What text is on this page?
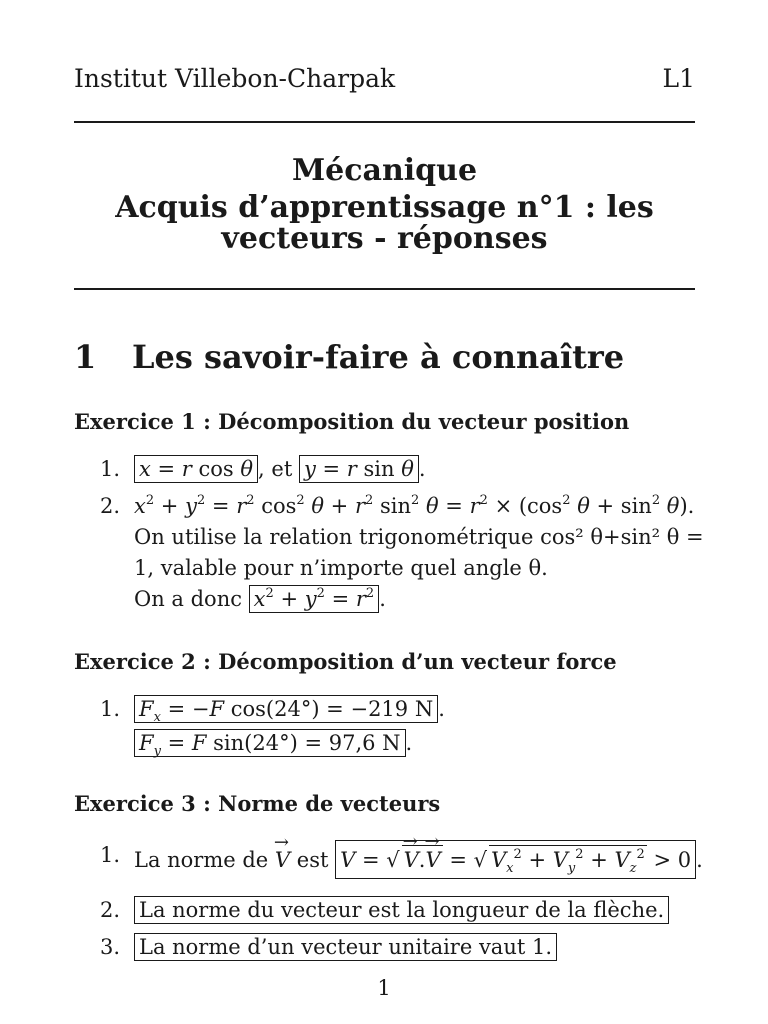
Institut Villebon-Charpak	L1
Mécanique
Acquis d’apprentissage n°1 : les
vecteurs - réponses
1 Les savoir-faire à connaître
Exercice 1 : Décomposition du vecteur position
1. x = r cos θ , et y = r sin θ .
2. $x^2 + y^2 = r^2$ $\cos^2 \theta + r^2$ $\sin^2 \theta = r^2 \times (\cos^2$ $\theta + \sin^2 \theta$).
On utilise la relation trigonométrique cos² θ+sin² θ =
1, valable pour n’importe quel angle θ.
On a donc $x^2 + y^2 = r^2$ .
Exercice 2 : Décomposition d’un vecteur force
1. $F_x = -F$ cos(24°) = −219 N .
$F_y = F$ sin(24°) = 97,6 N .
Exercice 3 : Norme de vecteurs
1. La norme de → V est V = √ → V.→ V = √ $V_x^2 + V_y^2 + V_z^2 > 0$ .
2. La norme du vecteur est la longueur de la flèche.
3. La norme d’un vecteur unitaire vaut 1.
1
